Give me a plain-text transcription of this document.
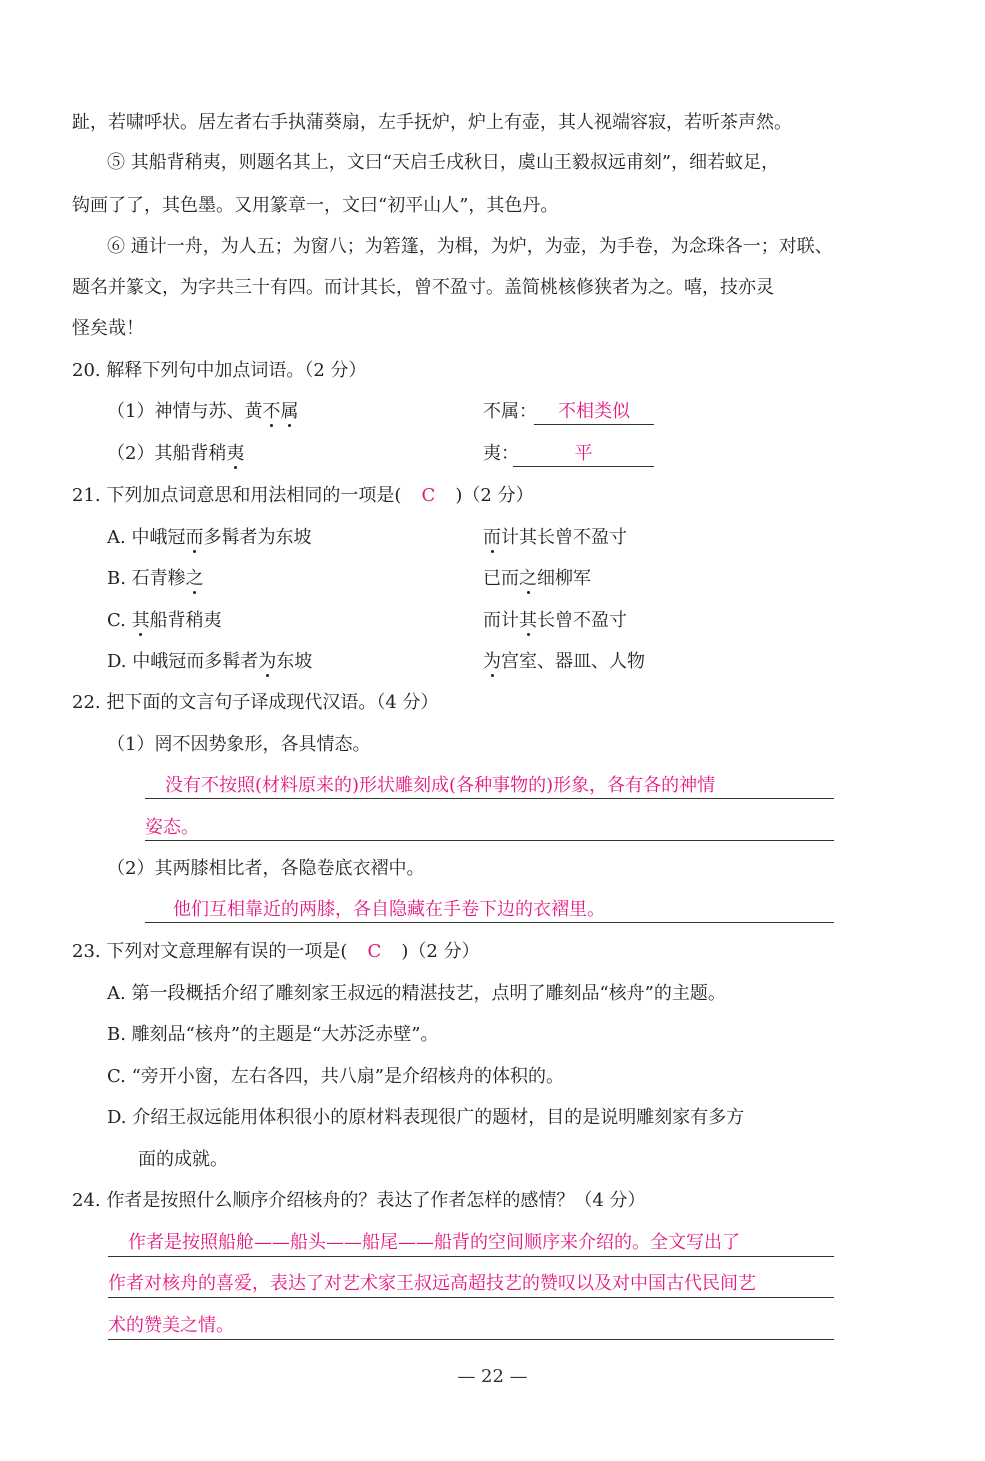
趾，若啸呼状。居左者右手执蒲葵扇，左手抚炉，炉上有壶，其人视端容寂，若听茶声然。
⑤ 其船背稍夷，则题名其上，文曰“天启壬戌秋日，虞山王毅叔远甫刻”，细若蚊足，
钩画了了，其色墨。又用篆章一，文曰“初平山人”，其色丹。
⑥ 通计一舟，为人五；为窗八；为箬篷，为楫，为炉，为壶，为手卷，为念珠各一；对联、
题名并篆文，为字共三十有四。而计其长，曾不盈寸。盖简桃核修狭者为之。嘻，技亦灵
怪矣哉！
20. 解释下列句中加点词语。（2 分）
（1）神情与苏、黄不属	不属：	不相类似
（2）其船背稍夷	夷：	平
21. 下列加点词意思和用法相同的一项是( C )（2 分）
A. 中峨冠而多髯者为东坡	而计其长曾不盈寸
B. 石青糁之	已而之细柳军
C. 其船背稍夷	而计其长曾不盈寸
D. 中峨冠而多髯者为东坡	为宫室、器皿、人物
22. 把下面的文言句子译成现代汉语。（4 分）
（1）罔不因势象形，各具情态。
没有不按照(材料原来的)形状雕刻成(各种事物的)形象，各有各的神情
姿态。
（2）其两膝相比者，各隐卷底衣褶中。
他们互相靠近的两膝，各自隐藏在手卷下边的衣褶里。
23. 下列对文意理解有误的一项是( C )（2 分）
A. 第一段概括介绍了雕刻家王叔远的精湛技艺，点明了雕刻品“核舟”的主题。
B. 雕刻品“核舟”的主题是“大苏泛赤壁”。
C. “旁开小窗，左右各四，共八扇”是介绍核舟的体积的。
D. 介绍王叔远能用体积很小的原材料表现很广的题材，目的是说明雕刻家有多方
面的成就。
24. 作者是按照什么顺序介绍核舟的？表达了作者怎样的感情？（4 分）
作者是按照船舱——船头——船尾——船背的空间顺序来介绍的。全文写出了
作者对核舟的喜爱，表达了对艺术家王叔远高超技艺的赞叹以及对中国古代民间艺
术的赞美之情。
— 22 —
